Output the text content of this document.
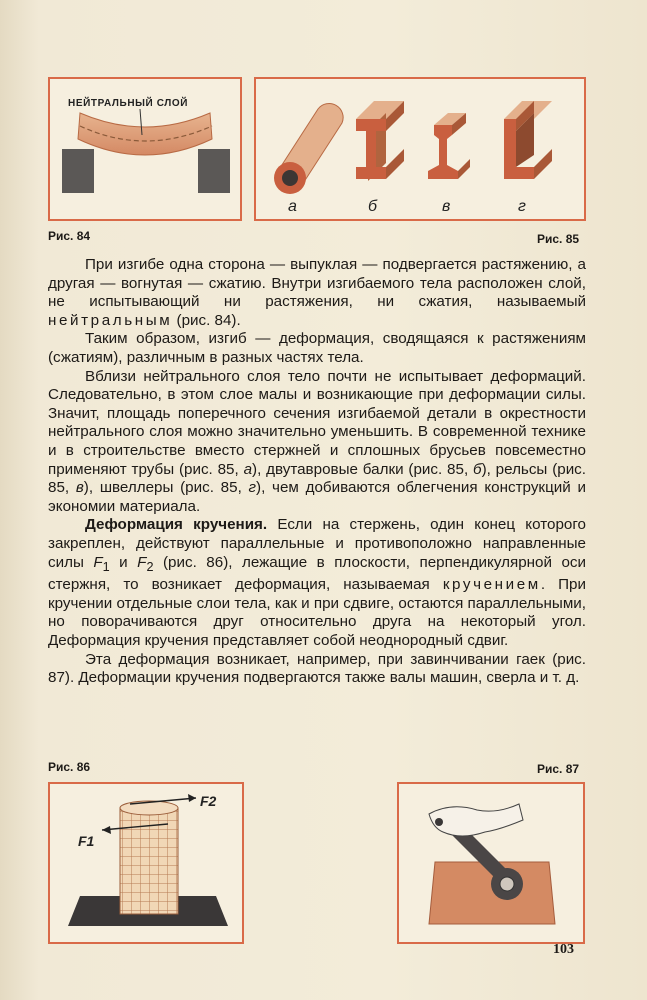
НЕЙТРАЛЬНЫЙ СЛОЙ
Рис. 84
а	б	в	г
Рис. 85

При изгибе одна сторона — выпуклая — подвергается растяжению, а другая — вогнутая — сжатию. Внутри изгибаемого тела расположен слой, не испытывающий ни растяжения, ни сжатия, называемый нейтральным (рис. 84).

Таким образом, изгиб — деформация, сводящаяся к растяжениям (сжатиям), различным в разных частях тела.

Вблизи нейтрального слоя тело почти не испытывает деформаций. Следовательно, в этом слое малы и возникающие при деформации силы. Значит, площадь поперечного сечения изгибаемой детали в окрестности нейтрального слоя можно значительно уменьшить. В современной технике и в строительстве вместо стержней и сплошных брусьев повсеместно применяют трубы (рис. 85, а), двутавровые балки (рис. 85, б), рельсы (рис. 85, в), швеллеры (рис. 85, г), чем добиваются облегчения конструкций и экономии материала.

Деформация кручения. Если на стержень, один конец которого закреплен, действуют параллельные и противоположно направленные силы $F_1$ и $F_2$ (рис. 86), лежащие в плоскости, перпендикулярной оси стержня, то возникает деформация, называемая кручением. При кручении отдельные слои тела, как и при сдвиге, остаются параллельными, но поворачиваются друг относительно друга на некоторый угол. Деформация кручения представляет собой неоднородный сдвиг.

Эта деформация возникает, например, при завинчивании гаек (рис. 87). Деформации кручения подвергаются также валы машин, сверла и т. д.

Рис. 86	Рис. 87
F2
F1
103
